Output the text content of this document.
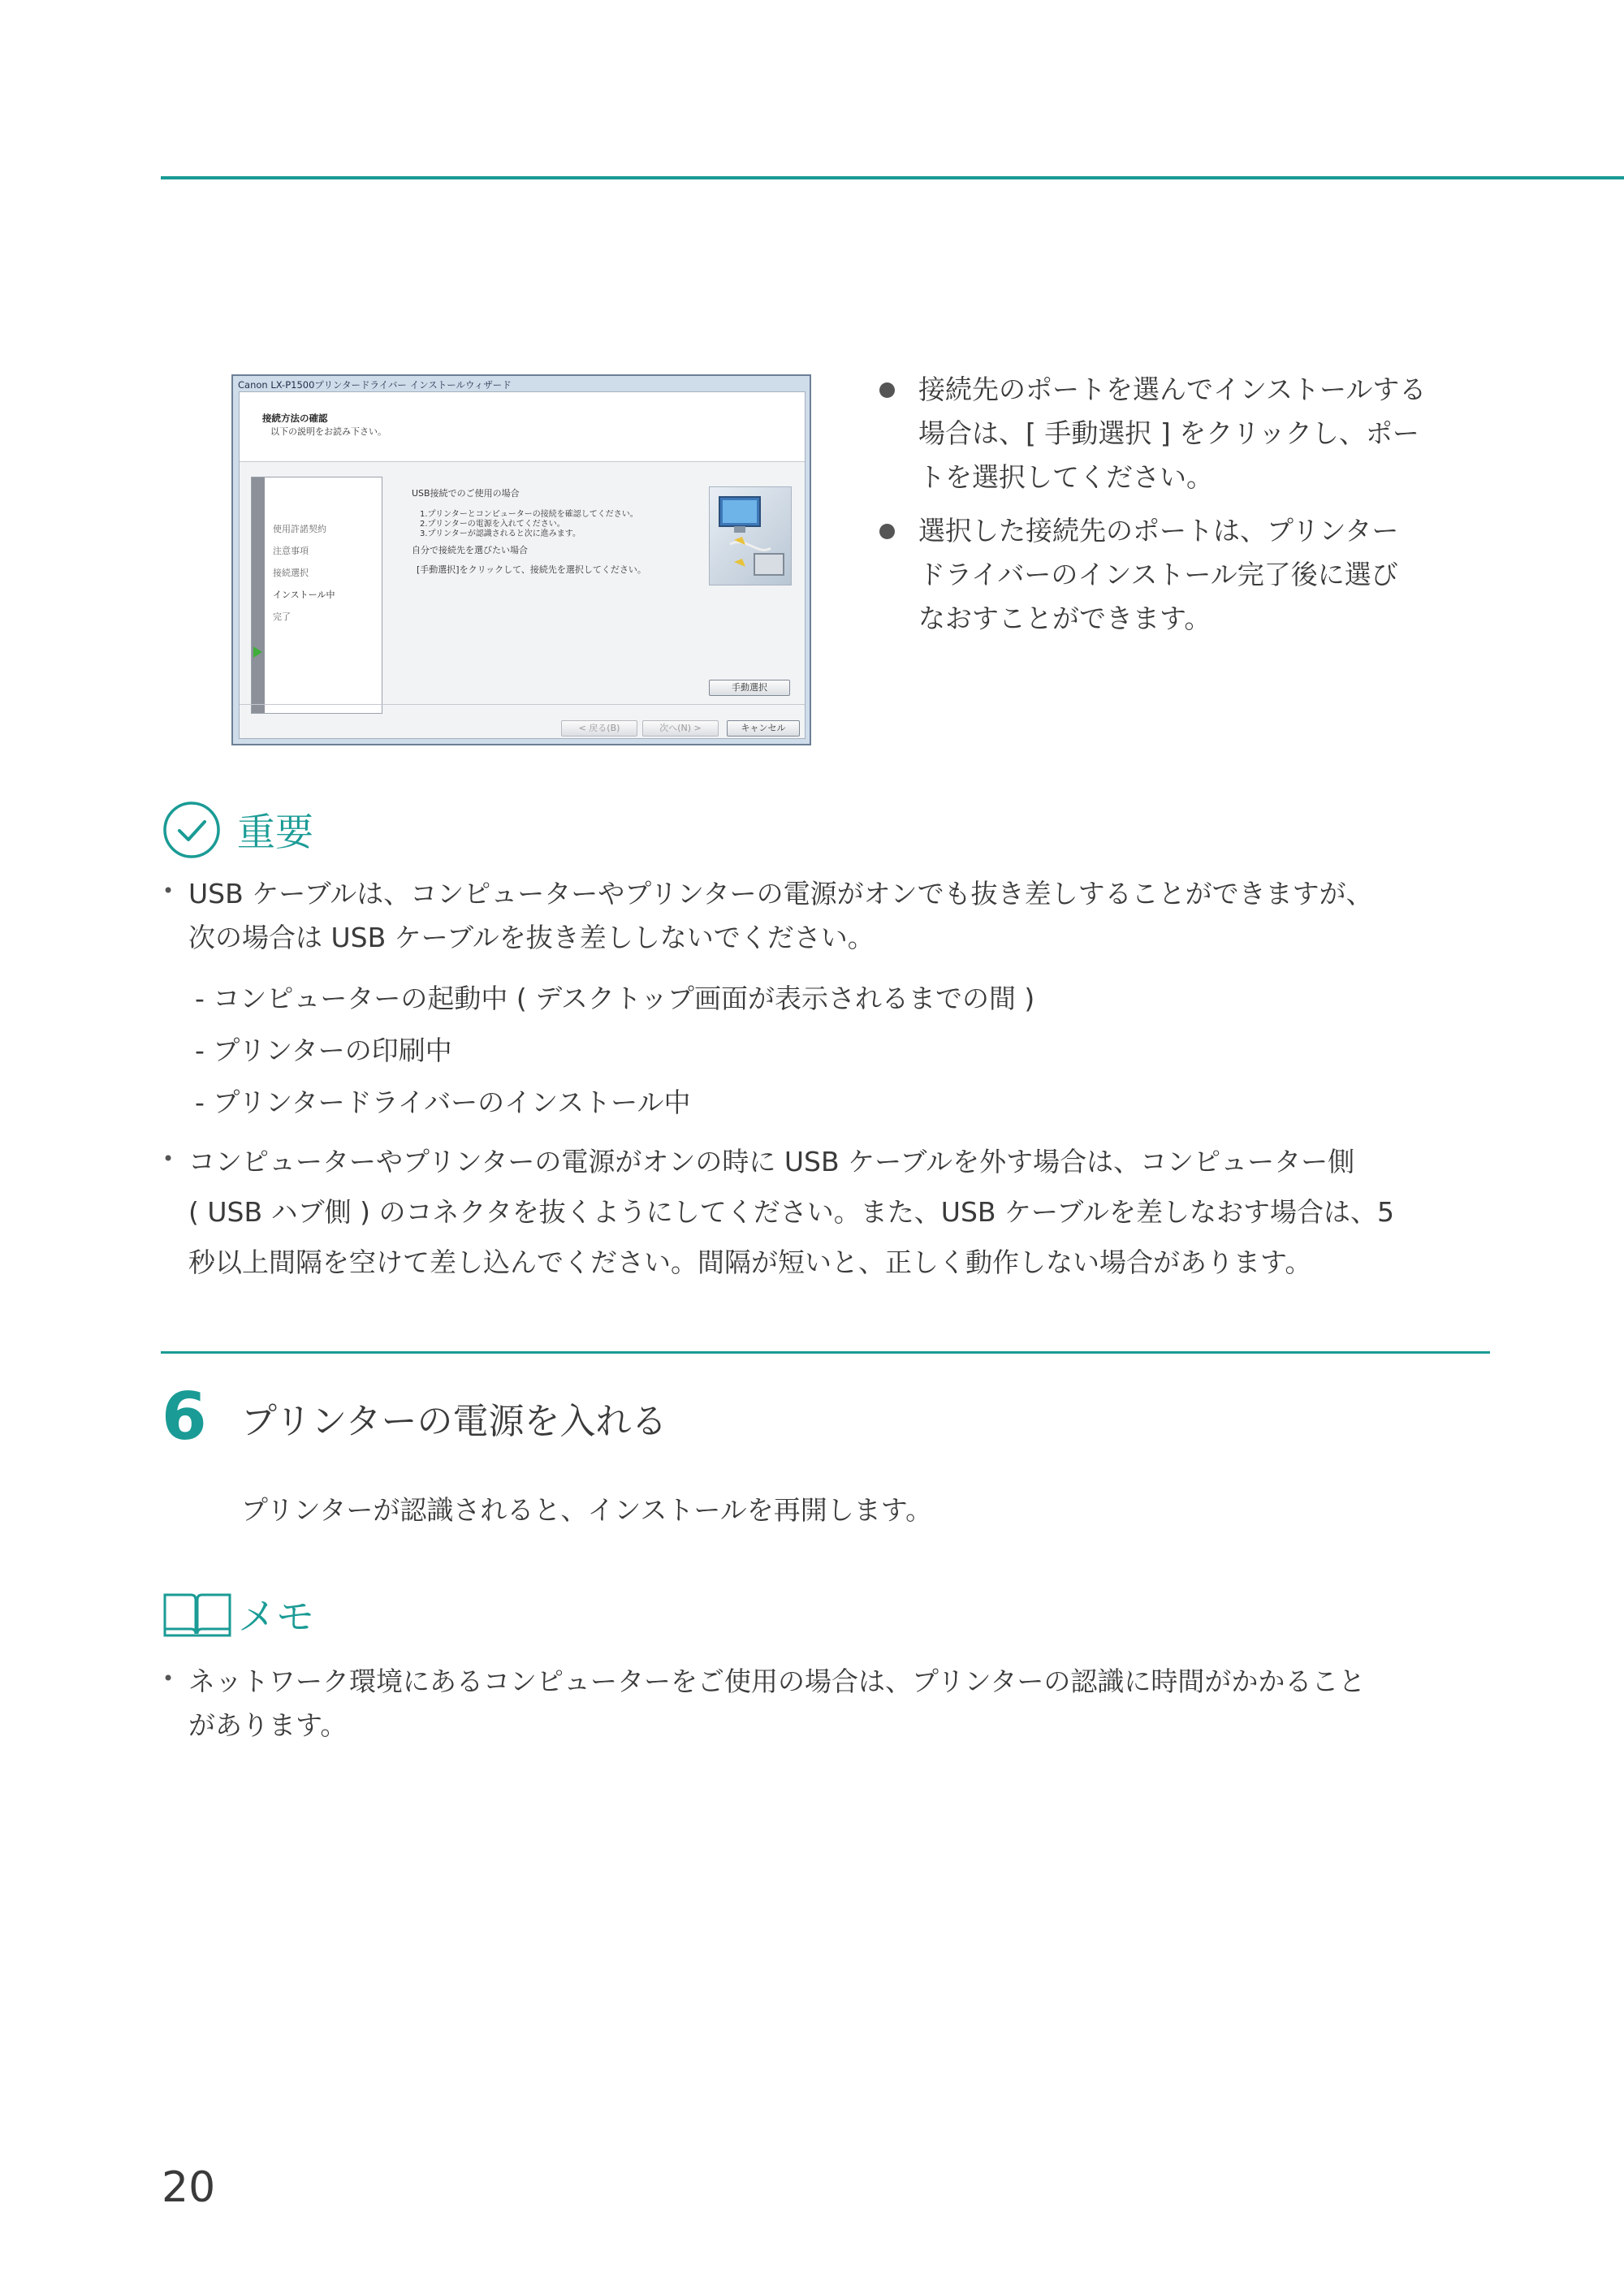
Canon LX-P1500プリンタードライバー インストールウィザード
接続方法の確認
以下の説明をお読み下さい。
使用許諾契約
注意事項
接続選択
インストール中
完了
USB接続でのご使用の場合
1.プリンターとコンピューターの接続を確認してください。
2.プリンターの電源を入れてください。
3.プリンターが認識されると次に進みます。
自分で接続先を選びたい場合
[手動選択]をクリックして、接続先を選択してください。
手動選択
< 戻る(B)	次へ(N) >	キャンセル
接続先のポートを選んでインストールする
場合は、[ 手動選択 ] をクリックし、ポー
トを選択してください。
選択した接続先のポートは、プリンター
ドライバーのインストール完了後に選び
なおすことができます。
重要
• USB ケーブルは、コンピューターやプリンターの電源がオンでも抜き差しすることができますが、
次の場合は USB ケーブルを抜き差ししないでください。
- コンピューターの起動中 ( デスクトップ画面が表示されるまでの間 )
- プリンターの印刷中
- プリンタードライバーのインストール中
• コンピューターやプリンターの電源がオンの時に USB ケーブルを外す場合は、コンピューター側
( USB ハブ側 ) のコネクタを抜くようにしてください。また、USB ケーブルを差しなおす場合は、5
秒以上間隔を空けて差し込んでください。間隔が短いと、正しく動作しない場合があります。
6 プリンターの電源を入れる
プリンターが認識されると、インストールを再開します。
メモ
• ネットワーク環境にあるコンピューターをご使用の場合は、プリンターの認識に時間がかかること
があります。
20
